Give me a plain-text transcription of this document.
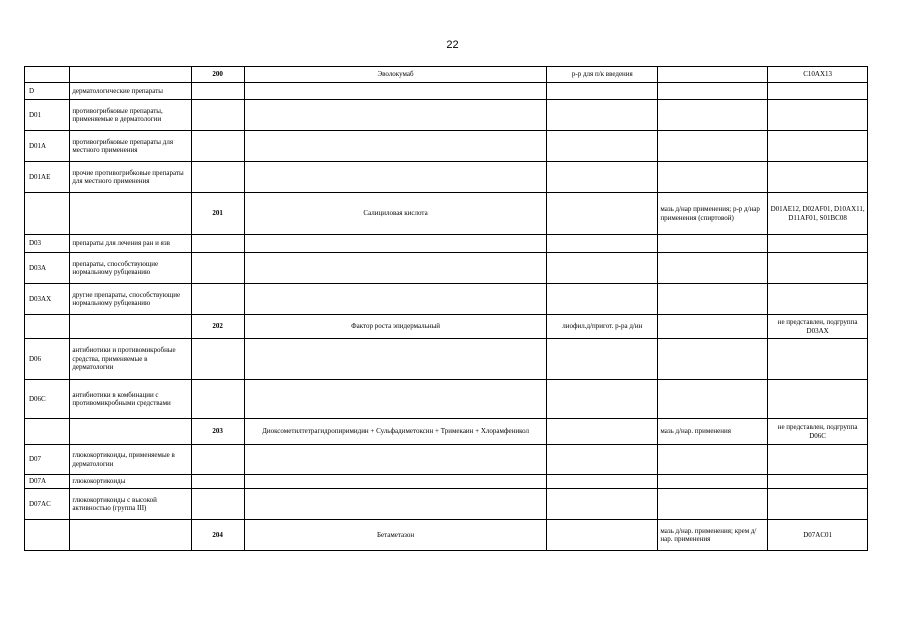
22
		200	Эволокумаб	р-р для п/к введения		C10AX13
D	дерматологические препараты					
D01	противогрибковые препараты, применяемые в дерматологии					
D01A	противогрибковые препараты для местного применения					
D01AE	прочие противогрибковые препараты для местного применения					
		201	Салициловая кислота		мазь д/нар применения; р-р д/нар применения (спиртовой)	D01AE12, D02AF01, D10AX11, D11AF01, S01BC08
D03	препараты для лечения ран и язв					
D03A	препараты, способствующие нормальному рубцеванию					
D03AX	другие препараты, способствующие нормальному рубцеванию					
		202	Фактор роста эпидермальный	лиофил.д/пригот. р-ра д/ин		не представлен, подгруппа D03AX
D06	антибиотики и противомикробные средства, применяемые в дерматологии					
D06C	антибиотики в комбинации с противомикробными средствами					
		203	Диоксометилтетрагидропиримидин + Сульфадиметоксин + Тримекаин + Хлорамфеникол		мазь д/нар. применения	не представлен, подгруппа D06C
D07	глюкокортикоиды, применяемые в дерматологии					
D07A	глюкокортикоиды					
D07AC	глюкокортикоиды с высокой активностью (группа III)					
		204	Бетаметазон		мазь д/нар. применения; крем д/нар. применения	D07AC01
